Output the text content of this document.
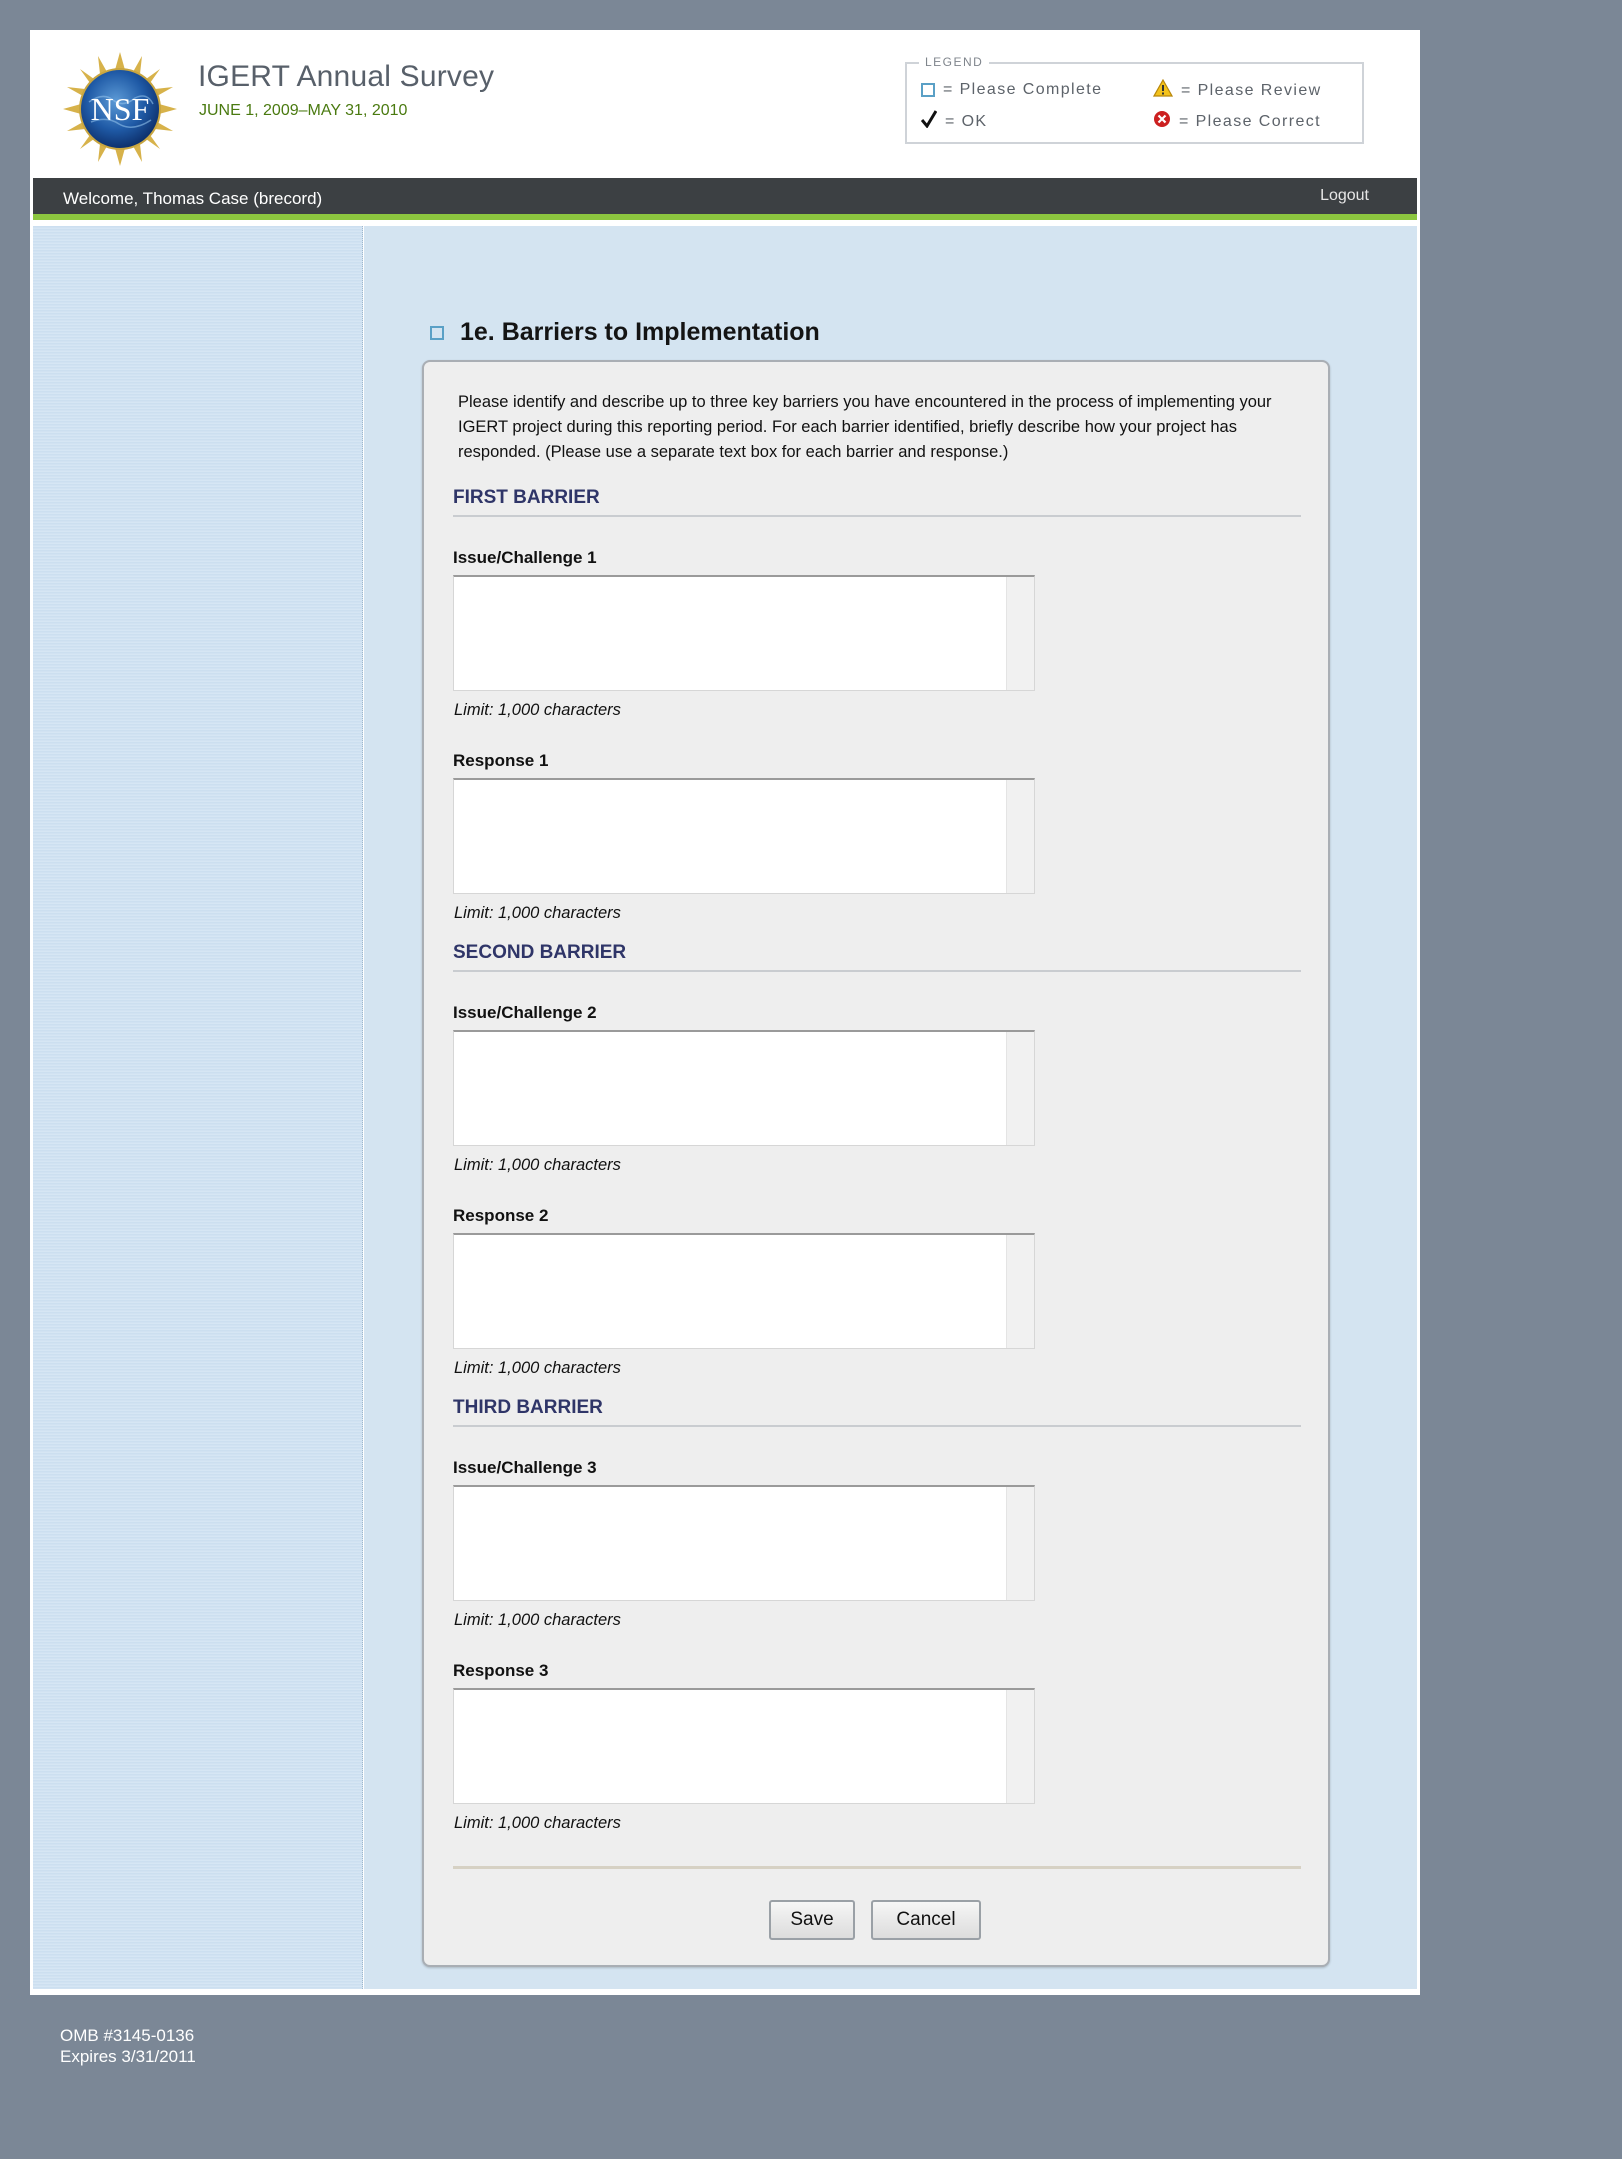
NSF
IGERT Annual Survey
JUNE 1, 2009–MAY 31, 2010
LEGEND
= Please Complete	= Please Review
= OK	= Please Correct
Welcome, Thomas Case (brecord)	Logout
1e. Barriers to Implementation
Please identify and describe up to three key barriers you have encountered in the process of implementing your IGERT project during this reporting period. For each barrier identified, briefly describe how your project has responded. (Please use a separate text box for each barrier and response.)
FIRST BARRIER
Issue/Challenge 1
Limit: 1,000 characters
Response 1
Limit: 1,000 characters
SECOND BARRIER
Issue/Challenge 2
Limit: 1,000 characters
Response 2
Limit: 1,000 characters
THIRD BARRIER
Issue/Challenge 3
Limit: 1,000 characters
Response 3
Limit: 1,000 characters
Save	Cancel
OMB #3145-0136
Expires 3/31/2011
